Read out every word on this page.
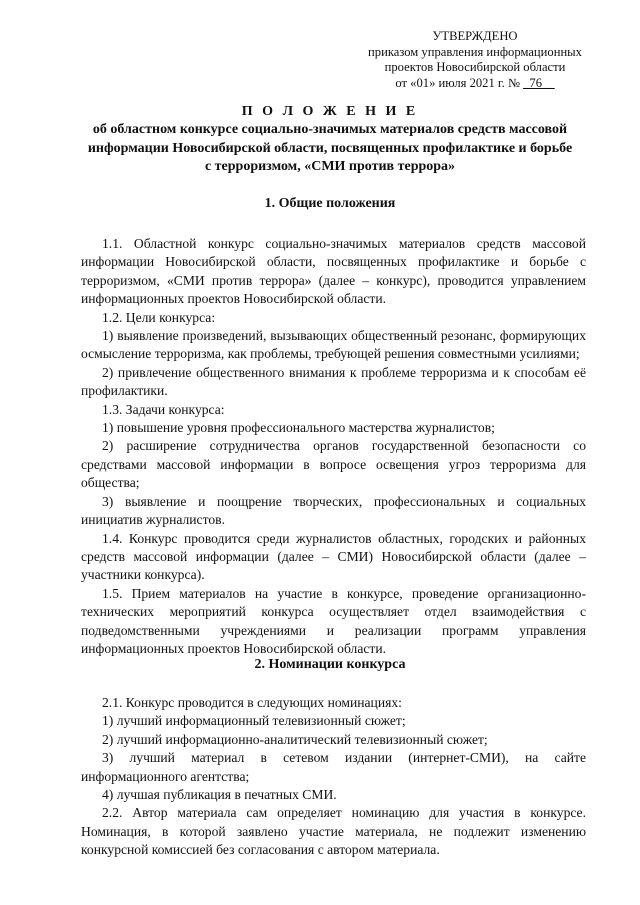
УТВЕРЖДЕНО
приказом управления информационных
проектов Новосибирской области
от «01» июля 2021 г. № _76__
П О Л О Ж Е Н И Е
об областном конкурсе социально-значимых материалов средств массовой
информации Новосибирской области, посвященных профилактике и борьбе
с терроризмом, «СМИ против террора»
1. Общие положения

1.1. Областной конкурс социально-значимых материалов средств массовой информации Новосибирской области, посвященных профилактике и борьбе с терроризмом, «СМИ против террора» (далее – конкурс), проводится управлением информационных проектов Новосибирской области.

1.2. Цели конкурса:

1) выявление произведений, вызывающих общественный резонанс, формирующих осмысление терроризма, как проблемы, требующей решения совместными усилиями;

2) привлечение общественного внимания к проблеме терроризма и к способам её профилактики.

1.3. Задачи конкурса:

1) повышение уровня профессионального мастерства журналистов;

2) расширение сотрудничества органов государственной безопасности со средствами массовой информации в вопросе освещения угроз терроризма для общества;

3) выявление и поощрение творческих, профессиональных и социальных инициатив журналистов.

1.4. Конкурс проводится среди журналистов областных, городских и районных средств массовой информации (далее – СМИ) Новосибирской области (далее – участники конкурса).

1.5. Прием материалов на участие в конкурсе, проведение организационно-технических мероприятий конкурса осуществляет отдел взаимодействия с подведомственными учреждениями и реализации программ управления информационных проектов Новосибирской области.

2. Номинации конкурса

2.1. Конкурс проводится в следующих номинациях:

1) лучший информационный телевизионный сюжет;

2) лучший информационно-аналитический телевизионный сюжет;

3) лучший материал в сетевом издании (интернет-СМИ), на сайте информационного агентства;

4) лучшая публикация в печатных СМИ.

2.2. Автор материала сам определяет номинацию для участия в конкурсе. Номинация, в которой заявлено участие материала, не подлежит изменению конкурсной комиссией без согласования с автором материала.
